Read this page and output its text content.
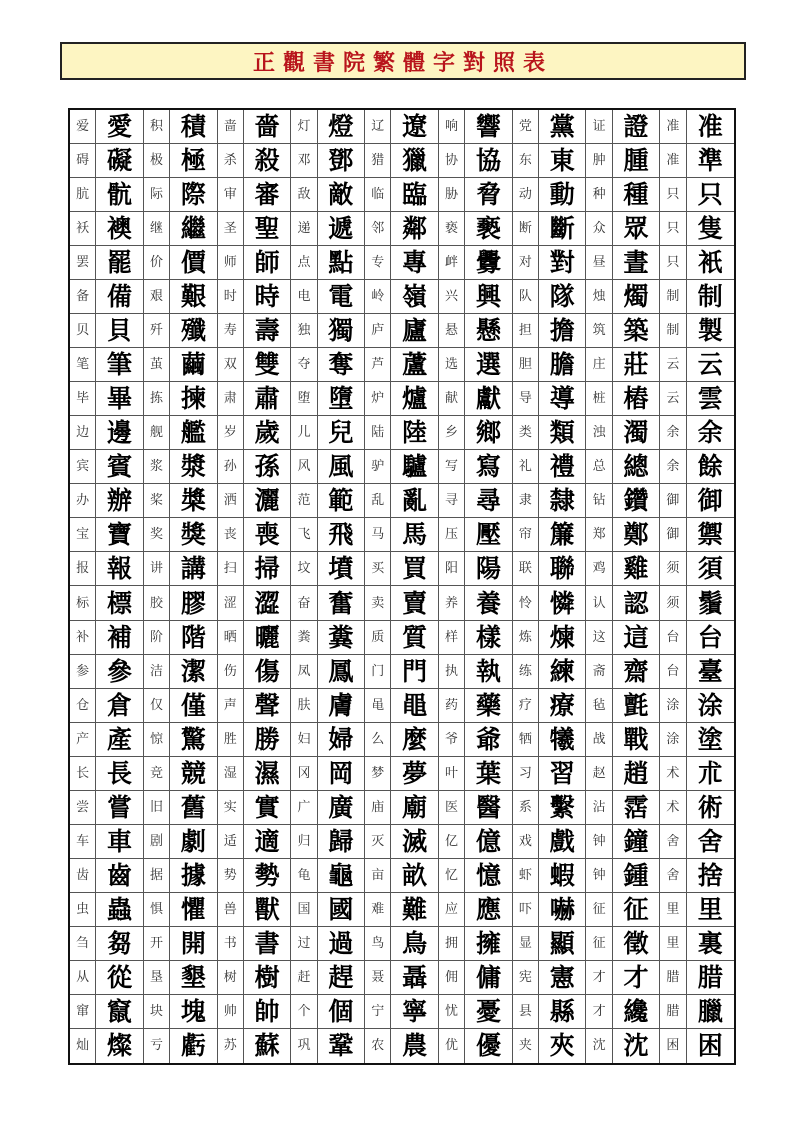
正觀書院繁體字對照表
爱 愛	积 積	啬 嗇	灯 燈	辽 遼	响 響	党 黨	证 證	准 准
碍 礙	极 極	杀 殺	邓 鄧	猎 獵	协 協	东 東	肿 腫	准 準
肮 骯	际 際	审 審	敌 敵	临 臨	胁 脅	动 動	种 種	只 只
袄 襖	继 繼	圣 聖	递 遞	邻 鄰	亵 褻	断 斷	众 眾	只 隻
罢 罷	价 價	师 師	点 點	专 專	衅 釁	对 對	昼 晝	只 衹
备 備	艰 艱	时 時	电 電	岭 嶺	兴 興	队 隊	烛 燭	制 制
贝 貝	歼 殲	寿 壽	独 獨	庐 廬	悬 懸	担 擔	筑 築	制 製
笔 筆	茧 繭	双 雙	夺 奪	芦 蘆	选 選	胆 膽	庄 莊	云 云
毕 畢	拣 揀	肃 肅	堕 墮	炉 爐	献 獻	导 導	桩 樁	云 雲
边 邊	舰 艦	岁 歲	儿 兒	陆 陸	乡 鄉	类 類	浊 濁	余 余
宾 賓	浆 漿	孙 孫	风 風	驴 驢	写 寫	礼 禮	总 總	余 餘
办 辦	桨 槳	洒 灑	范 範	乱 亂	寻 尋	隶 隸	钻 鑽	御 御
宝 寶	奖 獎	丧 喪	飞 飛	马 馬	压 壓	帘 簾	郑 鄭	御 禦
报 報	讲 講	扫 掃	坟 墳	买 買	阳 陽	联 聯	鸡 雞	须 須
标 標	胶 膠	涩 澀	奋 奮	卖 賣	养 養	怜 憐	认 認	须 鬚
补 補	阶 階	晒 曬	粪 糞	质 質	样 樣	炼 煉	这 這	台 台
参 參	洁 潔	伤 傷	凤 鳳	门 門	执 執	练 練	斋 齋	台 臺
仓 倉	仅 僅	声 聲	肤 膚	黾 黽	药 藥	疗 療	毡 氈	涂 涂
产 產	惊 驚	胜 勝	妇 婦	么 麼	爷 爺	牺 犧	战 戰	涂 塗
长 長	竞 競	湿 濕	冈 岡	梦 夢	叶 葉	习 習	赵 趙	术 朮
尝 嘗	旧 舊	实 實	广 廣	庙 廟	医 醫	系 繫	沾 霑	术 術
车 車	剧 劇	适 適	归 歸	灭 滅	亿 億	戏 戲	钟 鐘	舍 舍
齿 齒	据 據	势 勢	龟 龜	亩 畝	忆 憶	虾 蝦	钟 鍾	舍 捨
虫 蟲	惧 懼	兽 獸	国 國	难 難	应 應	吓 嚇	征 征	里 里
刍 芻	开 開	书 書	过 過	鸟 鳥	拥 擁	显 顯	征 徵	里 裏
从 從	垦 墾	树 樹	赶 趕	聂 聶	佣 傭	宪 憲	才 才	腊 腊
窜 竄	块 塊	帅 帥	个 個	宁 寧	忧 憂	县 縣	才 纔	腊 臘
灿 燦	亏 虧	苏 蘇	巩 鞏	农 農	优 優	夹 夾	沈 沈	困 困
